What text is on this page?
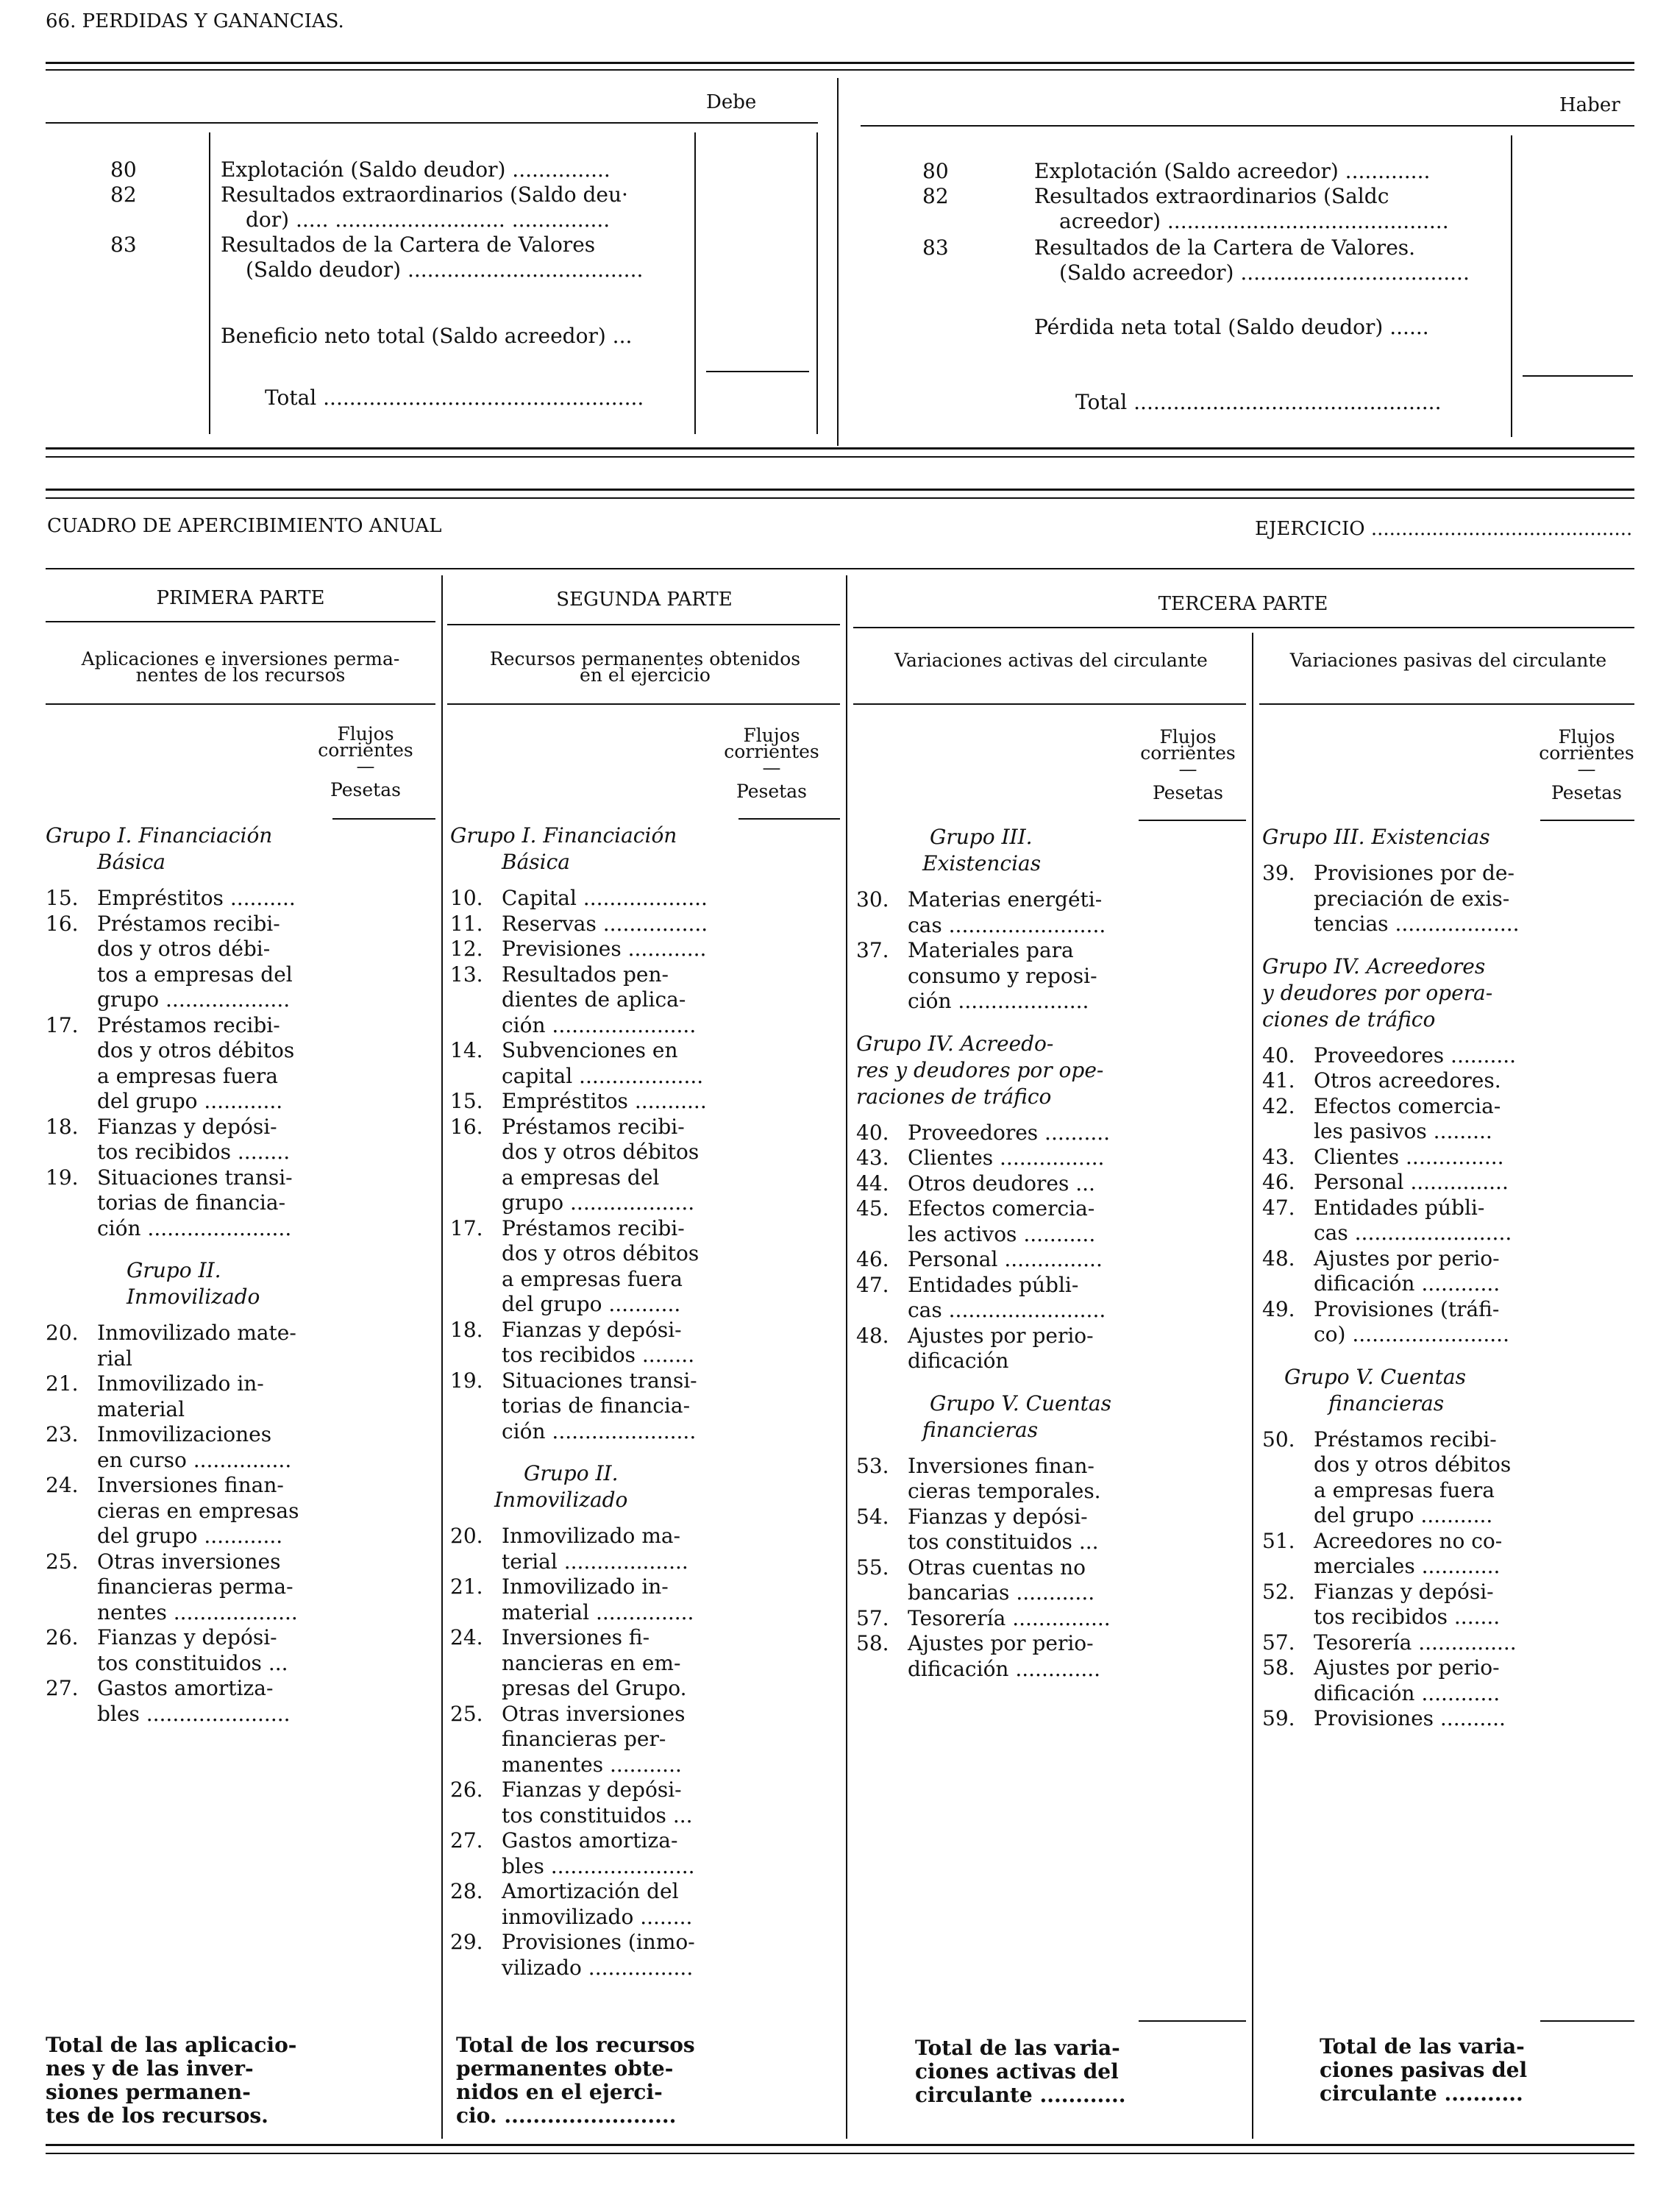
66. PERDIDAS Y GANANCIAS.
Debe	Haber
80	Explotación (Saldo deudor) ...............
82	Resultados extraordinarios (Saldo deu·
dor) ..... .......................... ...............
83	Resultados de la Cartera de Valores
(Saldo deudor) ....................................
Beneficio neto total (Saldo acreedor) ...
Total .................................................
80	Explotación (Saldo acreedor) .............
82	Resultados extraordinarios (Saldc
acreedor) ...........................................
83	Resultados de la Cartera de Valores.
(Saldo acreedor) ...................................
Pérdida neta total (Saldo deudor) ......
Total ...............................................
CUADRO DE APERCIBIMIENTO ANUAL	EJERCICIO ...........................................
PRIMERA PARTE	SEGUNDA PARTE	TERCERA PARTE
Aplicaciones e inversiones perma-
nentes de los recursos
Flujos
corrientes
—
Pesetas
Grupo I. Financiación
Básica
15. Empréstitos ..........
16. Préstamos recibi-
dos y otros débi-
tos a empresas del
grupo ...................
17. Préstamos recibi-
dos y otros débitos
a empresas fuera
del grupo ............
18. Fianzas y depósi-
tos recibidos ........
19. Situaciones transi-
torias de financia-
ción ......................
Grupo II.
Inmovilizado
20. Inmovilizado mate-
rial
21. Inmovilizado in-
material
23. Inmovilizaciones
en curso ...............
24. Inversiones finan-
cieras en empresas
del grupo ............
25. Otras inversiones
financieras perma-
nentes ...................
26. Fianzas y depósi-
tos constituidos ...
27. Gastos amortiza-
bles ......................
Total de las aplicacio-
nes y de las inver-
siones permanen-
tes de los recursos.
Recursos permanentes obtenidos
en el ejercicio
Flujos
corrientes
—
Pesetas
Grupo I. Financiación
Básica
10. Capital ...................
11. Reservas ................
12. Previsiones ............
13. Resultados pen-
dientes de aplica-
ción ......................
14. Subvenciones en
capital ...................
15. Empréstitos ...........
16. Préstamos recibi-
dos y otros débitos
a empresas del
grupo ...................
17. Préstamos recibi-
dos y otros débitos
a empresas fuera
del grupo ...........
18. Fianzas y depósi-
tos recibidos ........
19. Situaciones transi-
torias de financia-
ción ......................
Grupo II.
Inmovilizado
20. Inmovilizado ma-
terial ...................
21. Inmovilizado in-
material ...............
24. Inversiones fi-
nancieras en em-
presas del Grupo.
25. Otras inversiones
financieras per-
manentes ...........
26. Fianzas y depósi-
tos constituidos ...
27. Gastos amortiza-
bles ......................
28. Amortización del
inmovilizado ........
29. Provisiones (inmo-
vilizado ................
Total de los recursos
permanentes obte-
nidos en el ejerci-
cio. ........................
Variaciones activas del circulante
Flujos
corrientes
—
Pesetas
Grupo III.
Existencias
30. Materias energéti-
cas ........................
37. Materiales para
consumo y reposi-
ción ....................
Grupo IV. Acreedo-
res y deudores por ope-
raciones de tráfico
40. Proveedores ..........
43. Clientes ................
44. Otros deudores ...
45. Efectos comercia-
les activos ...........
46. Personal ...............
47. Entidades públi-
cas ........................
48. Ajustes por perio-
dificación
Grupo V. Cuentas
financieras
53. Inversiones finan-
cieras temporales.
54. Fianzas y depósi-
tos constituidos ...
55. Otras cuentas no
bancarias ............
57. Tesorería ...............
58. Ajustes por perio-
dificación .............
Total de las varia-
ciones activas del
circulante ............
Variaciones pasivas del circulante
Flujos
corrientes
—
Pesetas
Grupo III. Existencias
39. Provisiones por de-
preciación de exis-
tencias ...................
Grupo IV. Acreedores
y deudores por opera-
ciones de tráfico
40. Proveedores ..........
41. Otros acreedores.
42. Efectos comercia-
les pasivos .........
43. Clientes ...............
46. Personal ...............
47. Entidades públi-
cas ........................
48. Ajustes por perio-
dificación ............
49. Provisiones (tráfi-
co) ........................
Grupo V. Cuentas
financieras
50. Préstamos recibi-
dos y otros débitos
a empresas fuera
del grupo ...........
51. Acreedores no co-
merciales ............
52. Fianzas y depósi-
tos recibidos .......
57. Tesorería ...............
58. Ajustes por perio-
dificación ............
59. Provisiones ..........
Total de las varia-
ciones pasivas del
circulante ...........
